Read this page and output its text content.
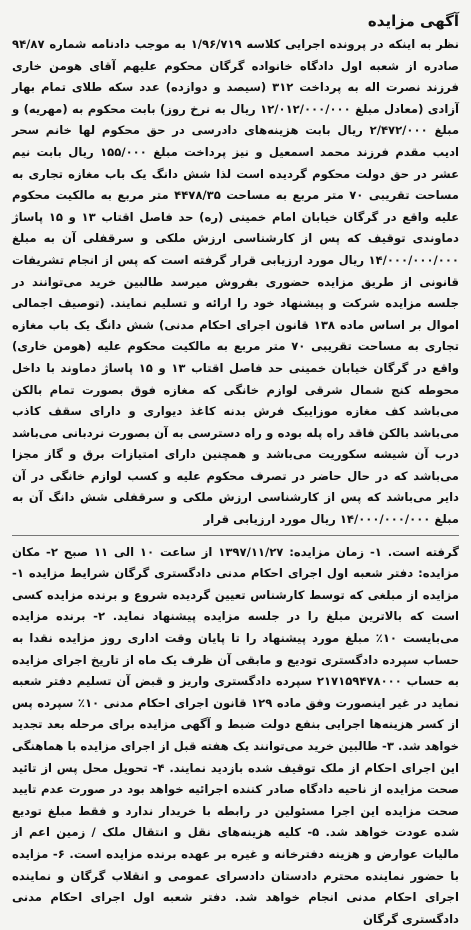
آگهی مزایده

نظر به اینکه در پرونده اجرایی کلاسه ۱/۹۶/۷۱۹ به موجب دادنامه شماره ۹۴/۸۷ صادره از شعبه اول دادگاه خانواده گرگان محکوم علیهم آقای هومن خاری فرزند نصرت اله به پرداخت ۳۱۲ (سیصد و دوازده) عدد سکه طلای تمام بهار آزادی (معادل مبلغ ۱۲/۰۱۲/۰۰۰/۰۰۰ ریال به نرخ روز) بابت محکوم به (مهریه) و مبلغ ۲/۴۷۲/۰۰۰ ریال بابت هزینه‌های دادرسی در حق محکوم لها خانم سحر ادیب مقدم فرزند محمد اسمعیل و نیز پرداخت مبلغ ۱۵۵/۰۰۰ ریال بابت نیم عشر در حق دولت محکوم گردیده است لذا شش دانگ یک باب مغازه تجاری به مساحت تقریبی ۷۰ متر مربع به مساحت ۴۴۷۸/۳۵ متر مربع به مالکیت محکوم علیه واقع در گرگان خیابان امام خمینی (ره) حد فاصل اقتاب ۱۳ و ۱۵ پاساژ دماوندی توقیف که پس از کارشناسی ارزش ملکی و سرقفلی آن به مبلغ ۱۴/۰۰۰/۰۰۰/۰۰۰ ریال مورد ارزیابی قرار گرفته است که پس از انجام تشریفات قانونی از طریق مزایده حضوری بفروش میرسد طالبین خرید می‌توانند در جلسه مزایده شرکت و پیشنهاد خود را ارائه و تسلیم نمایند. (توصیف اجمالی اموال بر اساس ماده ۱۳۸ قانون اجرای احکام مدنی) شش دانگ یک باب مغازه تجاری به مساحت تقریبی ۷۰ متر مربع به مالکیت محکوم علیه (هومن خاری) واقع در گرگان خیابان خمینی حد فاصل اقتاب ۱۳ و ۱۵ پاساژ دماوند با داخل محوطه کنج شمال شرقی لوازم خانگی که مغازه فوق بصورت تمام بالکن می‌باشد کف مغازه موزاییک فرش بدنه کاغذ دیواری و دارای سقف کاذب می‌باشد بالکن فاقد راه پله بوده و راه دسترسی به آن بصورت نردبانی می‌باشد درب آن شیشه سکوریت می‌باشد و همچنین دارای امتیازات برق و گاز مجزا می‌باشد که در حال حاضر در تصرف محکوم علیه و کسب لوازم خانگی در آن دایر می‌باشد که پس از کارشناسی ارزش ملکی و سرقفلی شش دانگ آن به مبلغ ۱۴/۰۰۰/۰۰۰/۰۰۰ ریال مورد ارزیابی قرار

گرفته است. ۱- زمان مزایده: ۱۳۹۷/۱۱/۲۷ از ساعت ۱۰ الی ۱۱ صبح ۲- مکان مزایده: دفتر شعبه اول اجرای احکام مدنی دادگستری گرگان شرایط مزایده ۱- مزایده از مبلغی که توسط کارشناس تعیین گردیده شروع و برنده مزایده کسی است که بالاترین مبلغ را در جلسه مزایده پیشنهاد نماید. ۲- برنده مزایده می‌بایست ۱۰٪ مبلغ مورد پیشنهاد را تا پایان وقت اداری روز مزایده نقدا به حساب سپرده دادگستری تودیع و مابقی آن ظرف یک ماه از تاریخ اجرای مزایده به حساب ۲۱۷۱۵۹۴۷۸۰۰۰ سپرده دادگستری واریز و قبض آن تسلیم دفتر شعبه نماید در غیر اینصورت وفق ماده ۱۲۹ قانون اجرای احکام مدنی ۱۰٪ سپرده پس از کسر هزینه‌ها اجرایی بنفع دولت ضبط و آگهی مزایده برای مرحله بعد تجدید خواهد شد. ۳- طالبین خرید می‌توانند یک هفته قبل از اجرای مزایده با هماهنگی این اجرای احکام از ملک توقیف شده بازدید نمایند. ۴- تحویل محل پس از تائید صحت مزایده از ناحیه دادگاه صادر کننده اجرائیه خواهد بود در صورت عدم تایید صحت مزایده این اجرا مسئولین در رابطه با خریدار ندارد و فقط مبلغ تودیع شده عودت خواهد شد. ۵- کلیه هزینه‌های نقل و انتقال ملک / زمین اعم از مالیات عوارض و هزینه دفترخانه و غیره بر عهده برنده مزایده است. ۶- مزایده با حضور نماینده محترم دادستان دادسرای عمومی و انقلاب گرگان و نماینده اجرای احکام مدنی انجام خواهد شد. دفتر شعبه اول اجرای احکام مدنی دادگستری گرگان
